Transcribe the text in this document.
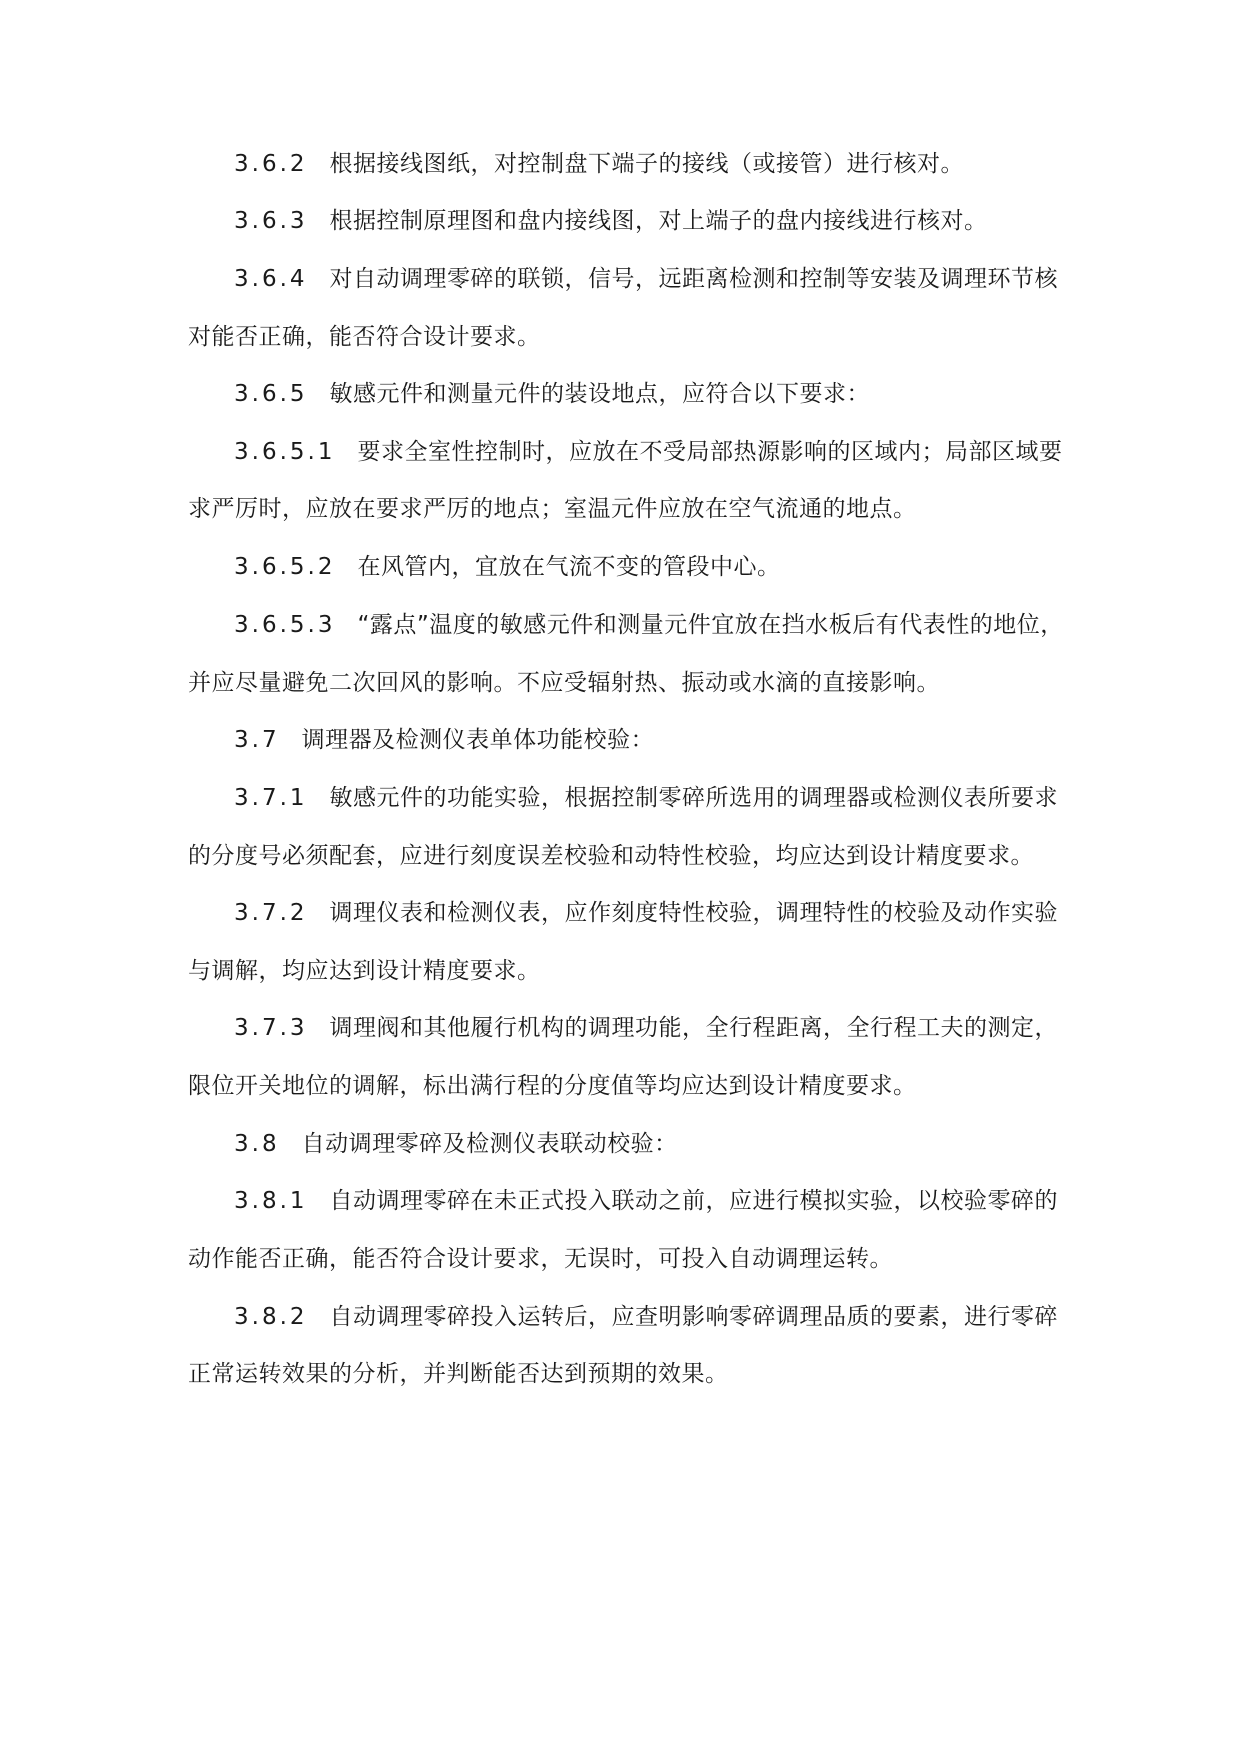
3.6.2 根据接线图纸，对控制盘下端子的接线（或接管）进行核对。
3.6.3 根据控制原理图和盘内接线图，对上端子的盘内接线进行核对。
3.6.4 对自动调理零碎的联锁，信号，远距离检测和控制等安装及调理环节核
对能否正确，能否符合设计要求。
3.6.5 敏感元件和测量元件的装设地点，应符合以下要求：
3.6.5.1 要求全室性控制时，应放在不受局部热源影响的区域内；局部区域要
求严厉时，应放在要求严厉的地点；室温元件应放在空气流通的地点。
3.6.5.2 在风管内，宜放在气流不变的管段中心。
3.6.5.3 “露点”温度的敏感元件和测量元件宜放在挡水板后有代表性的地位，
并应尽量避免二次回风的影响。不应受辐射热、振动或水滴的直接影响。
3.7 调理器及检测仪表单体功能校验：
3.7.1 敏感元件的功能实验，根据控制零碎所选用的调理器或检测仪表所要求
的分度号必须配套，应进行刻度误差校验和动特性校验，均应达到设计精度要求。
3.7.2 调理仪表和检测仪表，应作刻度特性校验，调理特性的校验及动作实验
与调解，均应达到设计精度要求。
3.7.3 调理阀和其他履行机构的调理功能，全行程距离，全行程工夫的测定，
限位开关地位的调解，标出满行程的分度值等均应达到设计精度要求。
3.8 自动调理零碎及检测仪表联动校验：
3.8.1 自动调理零碎在未正式投入联动之前，应进行模拟实验，以校验零碎的
动作能否正确，能否符合设计要求，无误时，可投入自动调理运转。
3.8.2 自动调理零碎投入运转后，应查明影响零碎调理品质的要素，进行零碎
正常运转效果的分析，并判断能否达到预期的效果。
